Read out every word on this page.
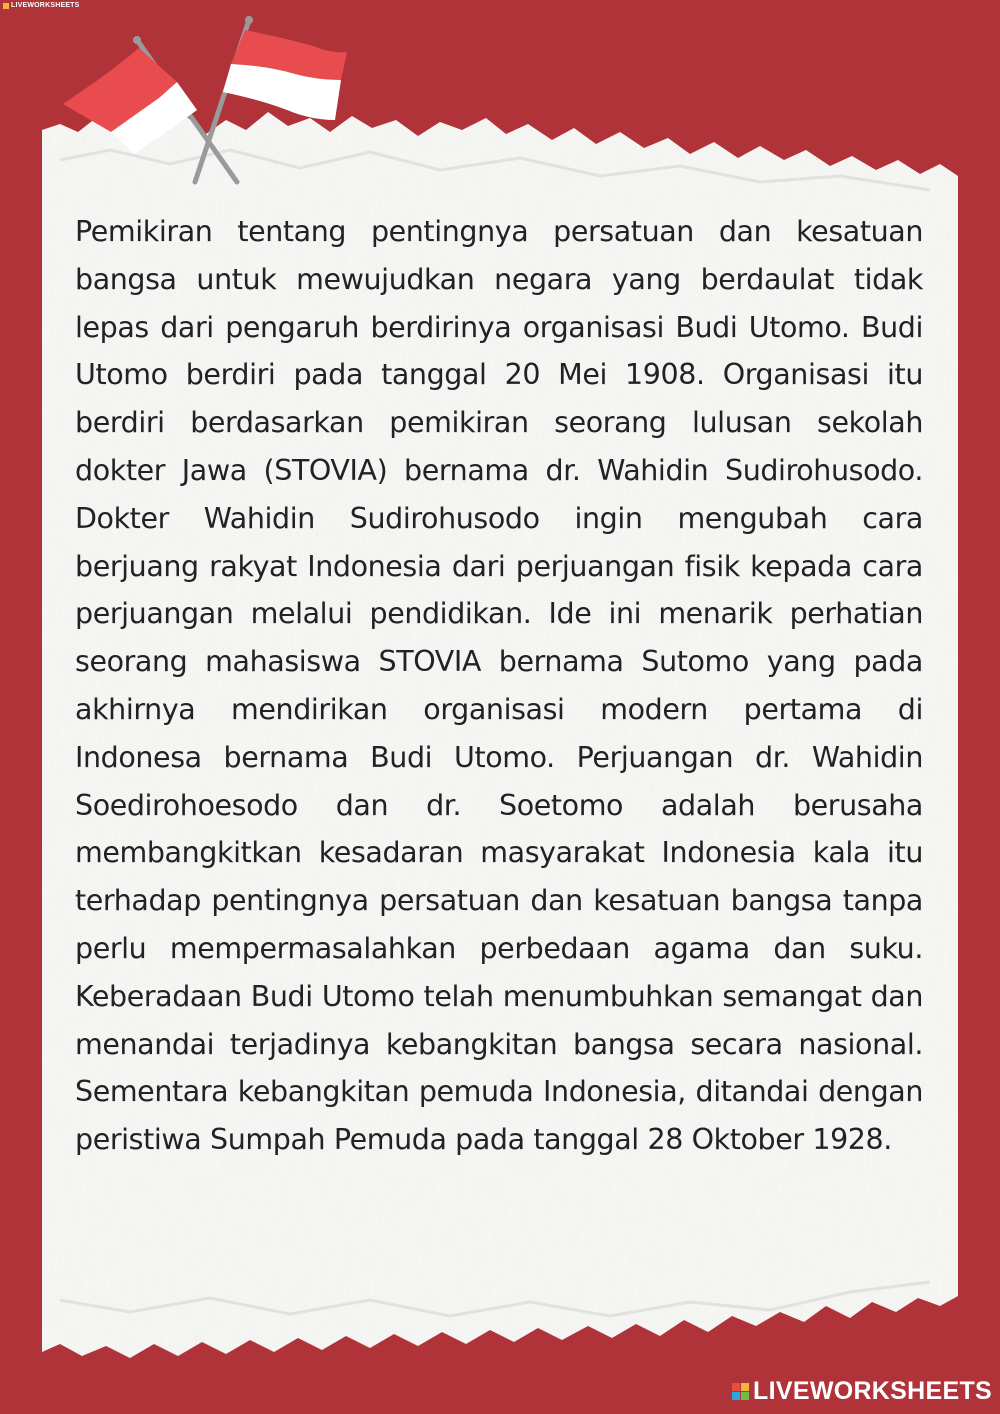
LIVEWORKSHEETS

Pemikiran tentang pentingnya persatuan dan kesatuan bangsa untuk mewujudkan negara yang berdaulat tidak lepas dari pengaruh berdirinya organisasi Budi Utomo. Budi Utomo berdiri pada tanggal 20 Mei 1908. Organisasi itu berdiri berdasarkan pemikiran seorang lulusan sekolah dokter Jawa (STOVIA) bernama dr. Wahidin Sudirohusodo. Dokter Wahidin Sudirohusodo ingin mengubah cara berjuang rakyat Indonesia dari perjuangan fisik kepada cara perjuangan melalui pendidikan. Ide ini menarik perhatian seorang mahasiswa STOVIA bernama Sutomo yang pada akhirnya mendirikan organisasi modern pertama di Indonesa bernama Budi Utomo. Perjuangan dr. Wahidin Soedirohoesodo dan dr. Soetomo adalah berusaha membangkitkan kesadaran masyarakat Indonesia kala itu terhadap pentingnya persatuan dan kesatuan bangsa tanpa perlu mempermasalahkan perbedaan agama dan suku. Keberadaan Budi Utomo telah menumbuhkan semangat dan menandai terjadinya kebangkitan bangsa secara nasional. Sementara kebangkitan pemuda Indonesia, ditandai dengan peristiwa Sumpah Pemuda pada tanggal 28 Oktober 1928.

LIVEWORKSHEETS
